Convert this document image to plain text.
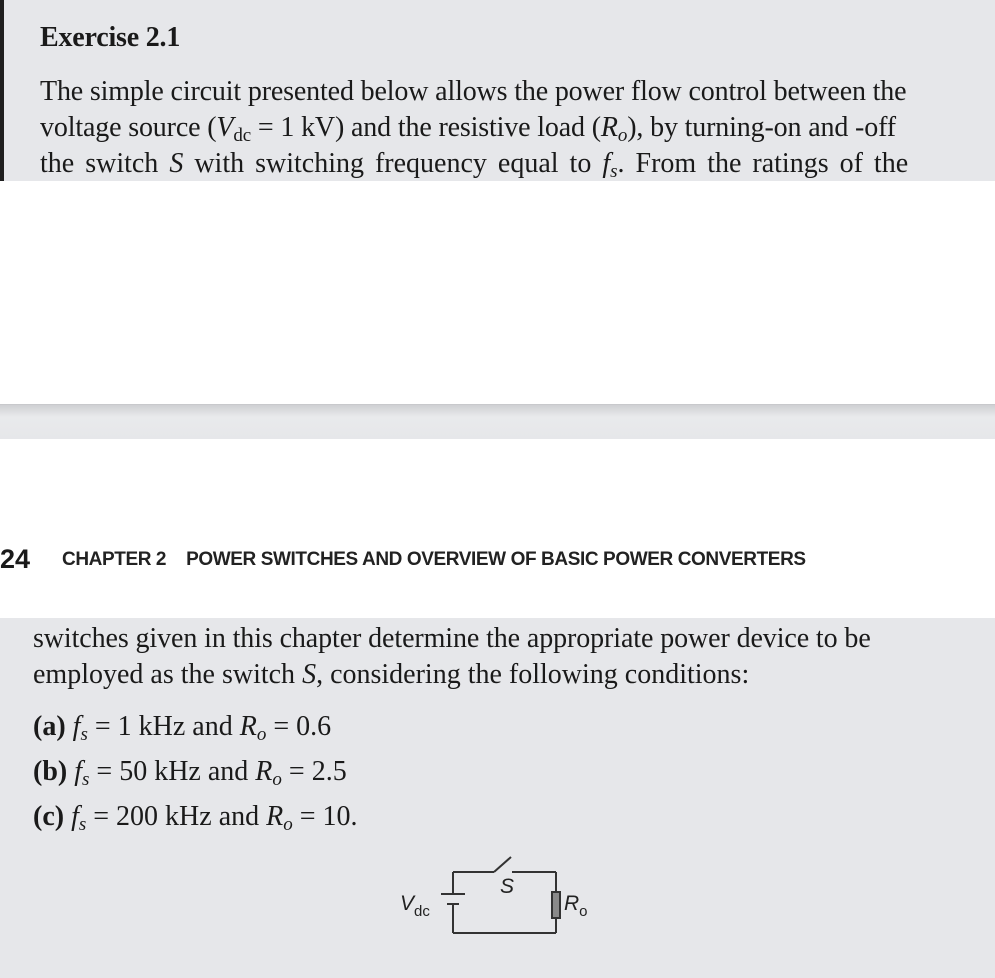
Exercise 2.1
The simple circuit presented below allows the power flow control between the
voltage source ($V_{dc} = 1$ kV) and the resistive load $(R_o)$, by turning-on and -off
the switch S with switching frequency equal to $f_s$. From the ratings of the
24 CHAPTER 2 POWER SWITCHES AND OVERVIEW OF BASIC POWER CONVERTERS
switches given in this chapter determine the appropriate power device to be
employed as the switch S, considering the following conditions:
(a) $f_s = 1$ kHz and $R_o = 0.6$
(b) $f_s = 50$ kHz and $R_o = 2.5$
(c) $f_s = 200$ kHz and $R_o = 10$.
$V_{dc}$
S
$R_o$
